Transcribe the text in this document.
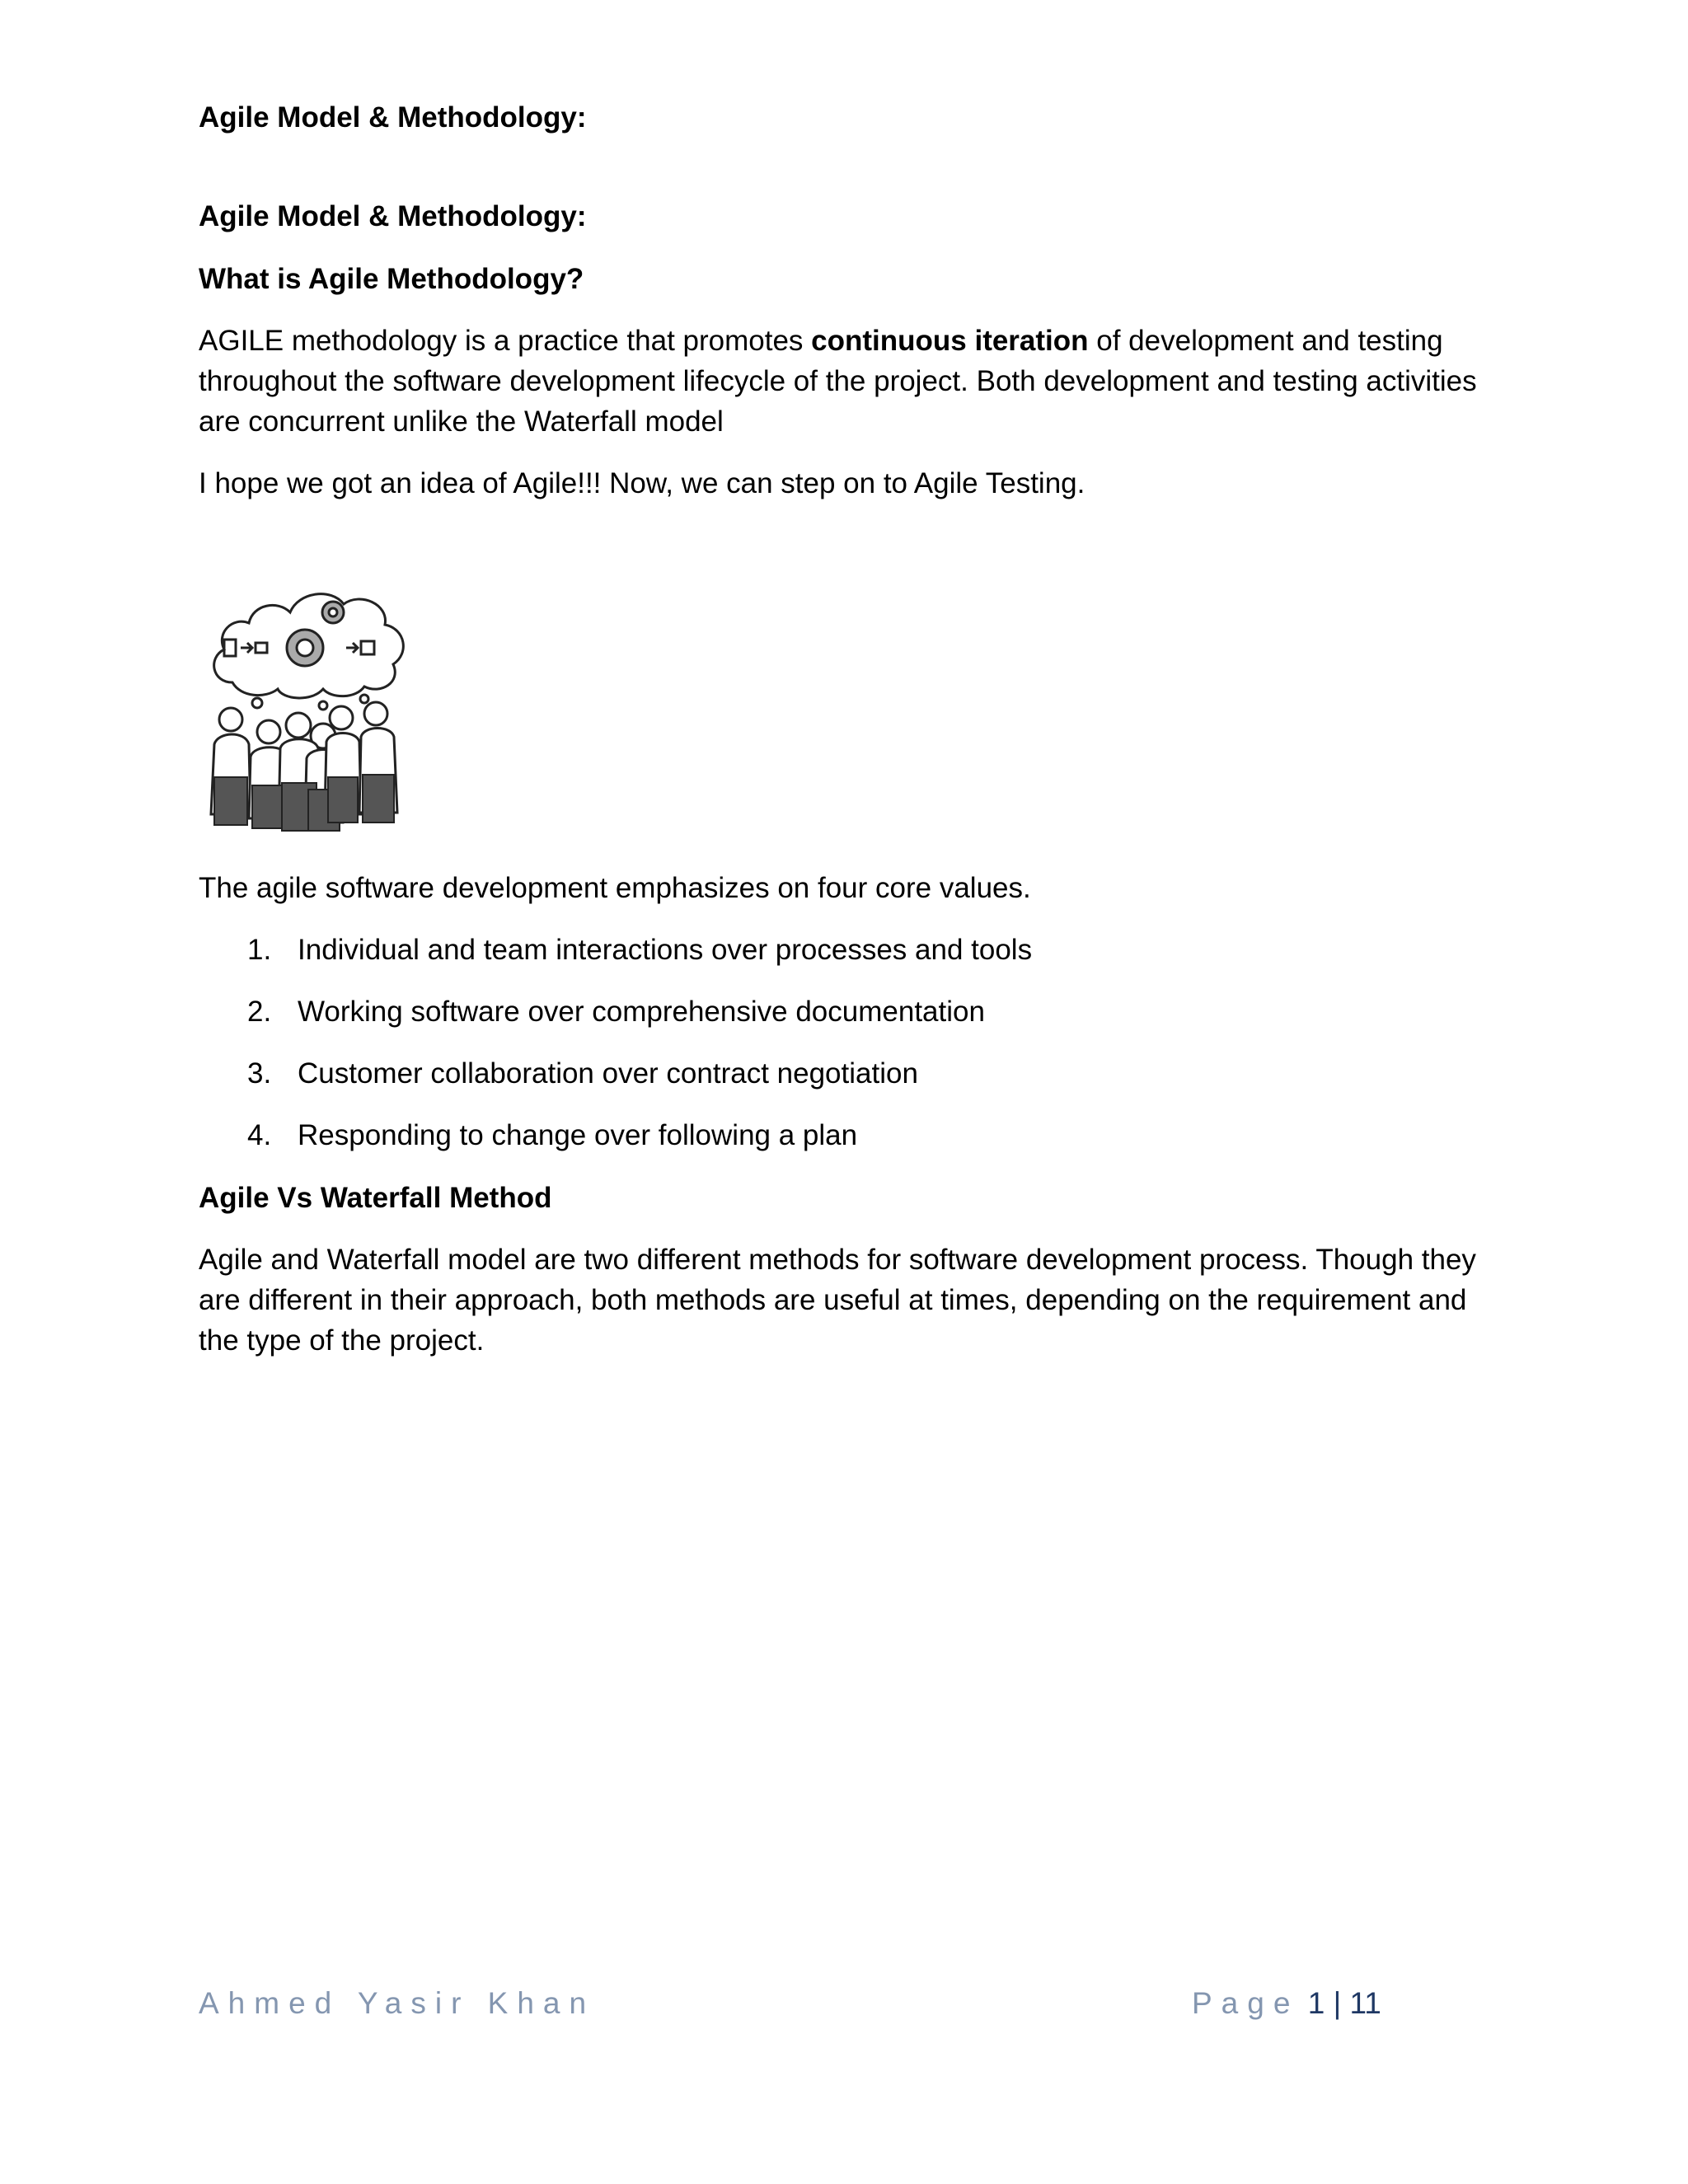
Agile Model & Methodology:

Agile Model & Methodology:

What is Agile Methodology?

AGILE methodology is a practice that promotes continuous iteration of development and testing throughout the software development lifecycle of the project. Both development and testing activities are concurrent unlike the Waterfall model

I hope we got an idea of Agile!!! Now, we can step on to Agile Testing.

The agile software development emphasizes on four core values.

1. Individual and team interactions over processes and tools
2. Working software over comprehensive documentation
3. Customer collaboration over contract negotiation
4. Responding to change over following a plan

Agile Vs Waterfall Method

Agile and Waterfall model are two different methods for software development process. Though they are different in their approach, both methods are useful at times, depending on the requirement and the type of the project.

Ahmed Yasir Khan	Page 1 | 11
